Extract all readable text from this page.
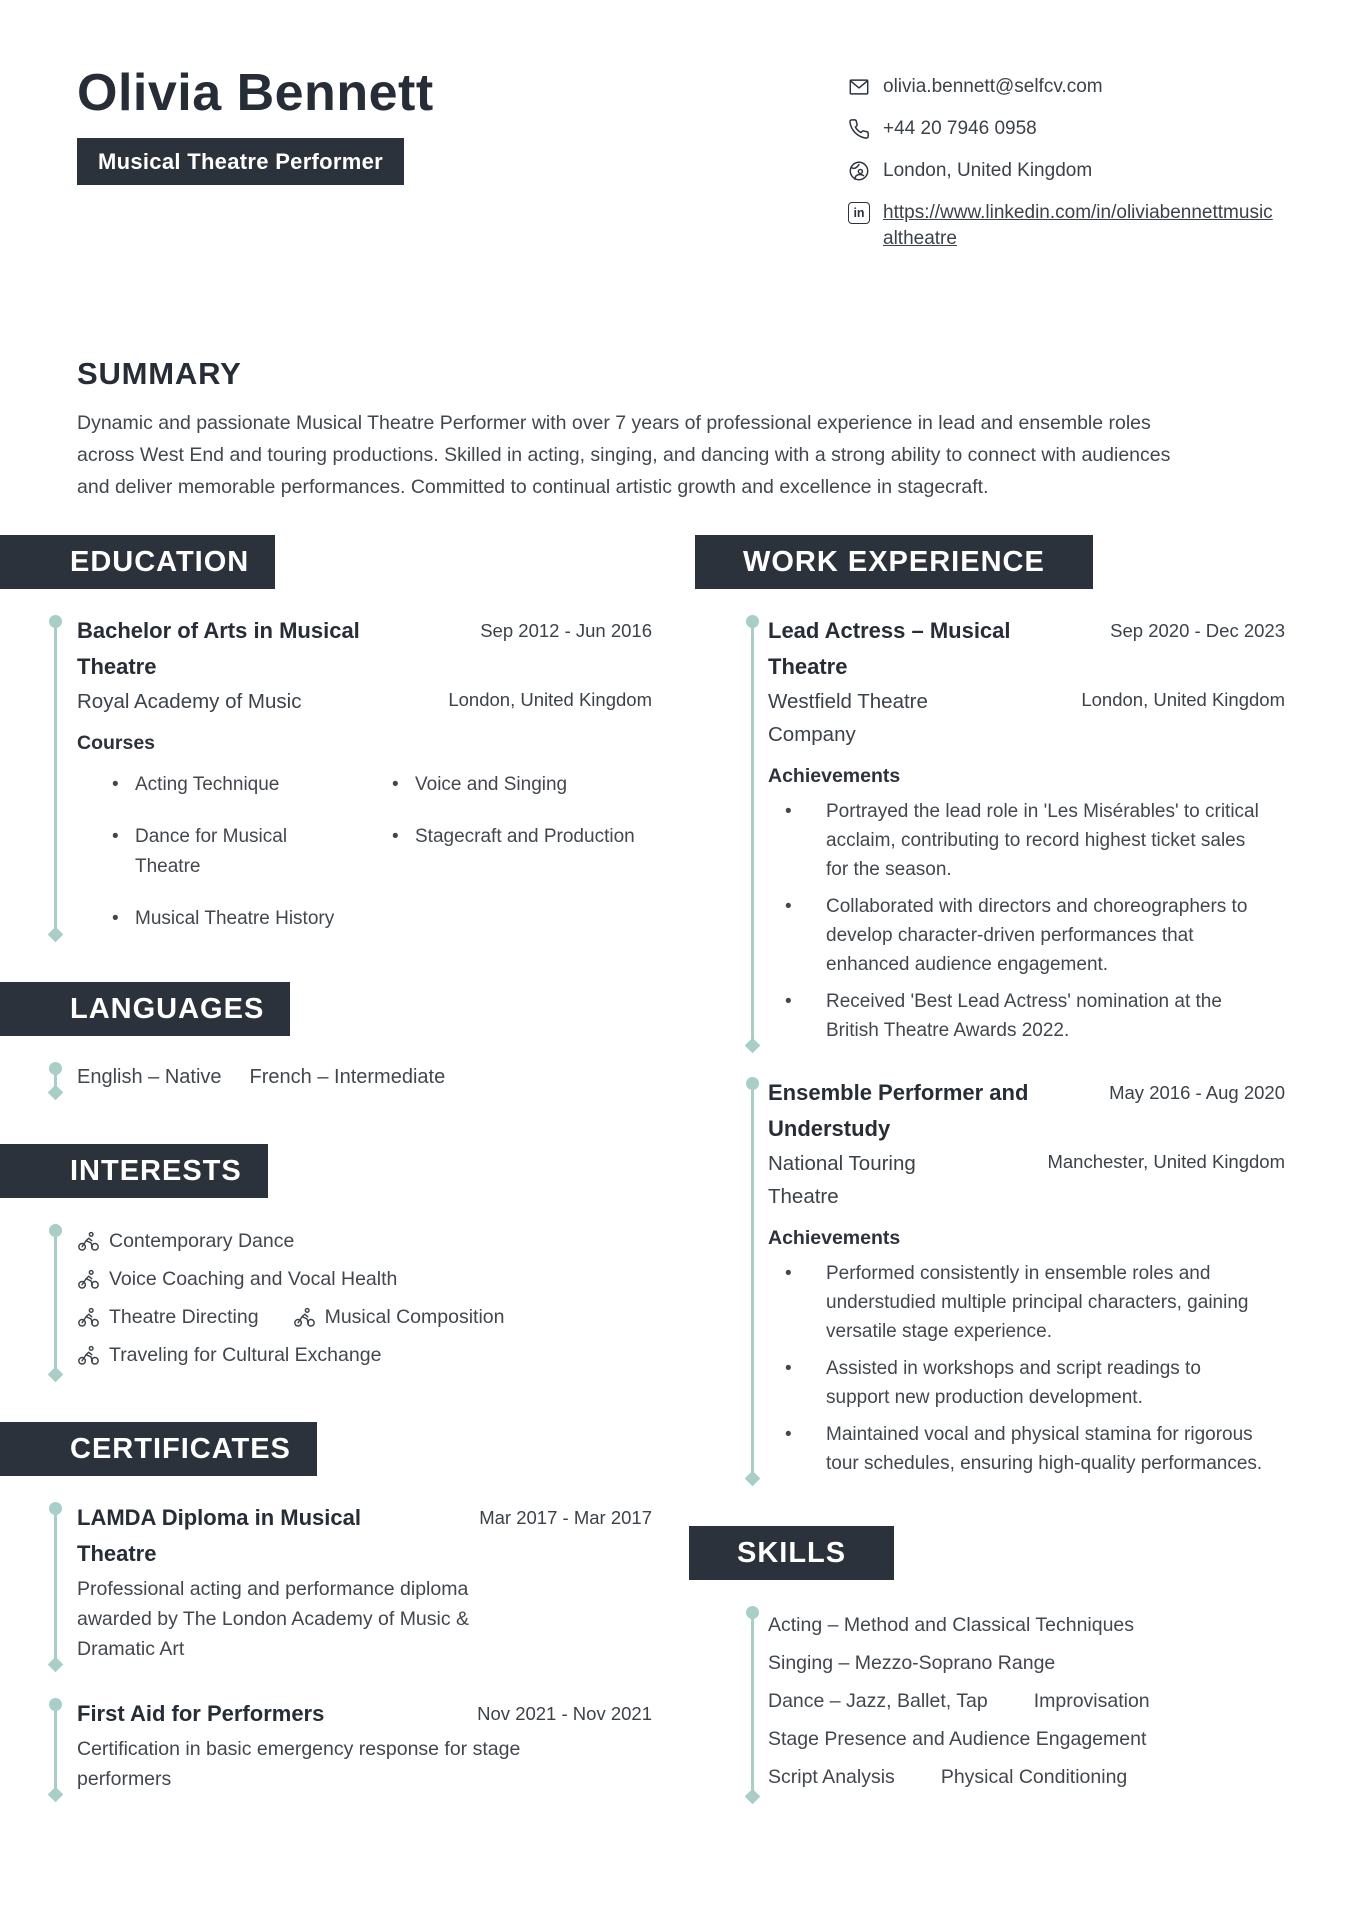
Olivia Bennett
Musical Theatre Performer
olivia.bennett@selfcv.com
+44 20 7946 0958
London, United Kingdom
in https://www.linkedin.com/in/oliviabennettmusicaltheatre
SUMMARY

Dynamic and passionate Musical Theatre Performer with over 7 years of professional experience in lead and ensemble roles across West End and touring productions. Skilled in acting, singing, and dancing with a strong ability to connect with audiences and deliver memorable performances. Committed to continual artistic growth and excellence in stagecraft.

EDUCATION
Bachelor of Arts in Musical Theatre
Sep 2012 - Jun 2016
Royal Academy of Music	London, United Kingdom
Courses
• Acting Technique	• Voice and Singing
• Dance for Musical Theatre
• Stagecraft and Production
• Musical Theatre History
LANGUAGES
English – Native French – Intermediate
INTERESTS
Contemporary Dance
Voice Coaching and Vocal Health
Theatre Directing	Musical Composition
Traveling for Cultural Exchange
CERTIFICATES
LAMDA Diploma in Musical Theatre
Mar 2017 - Mar 2017
Professional acting and performance diploma awarded by The London Academy of Music & Dramatic Art
First Aid for Performers	Nov 2021 - Nov 2021
Certification in basic emergency response for stage performers
WORK EXPERIENCE
Lead Actress – Musical Theatre
Sep 2020 - Dec 2023
Westfield Theatre Company
London, United Kingdom
Achievements
• Portrayed the lead role in 'Les Misérables' to critical acclaim, contributing to record highest ticket sales for the season.
• Collaborated with directors and choreographers to develop character-driven performances that enhanced audience engagement.
• Received 'Best Lead Actress' nomination at the British Theatre Awards 2022.
Ensemble Performer and Understudy
May 2016 - Aug 2020
National Touring Theatre
Manchester, United Kingdom
Achievements
• Performed consistently in ensemble roles and understudied multiple principal characters, gaining versatile stage experience.
• Assisted in workshops and script readings to support new production development.
• Maintained vocal and physical stamina for rigorous tour schedules, ensuring high-quality performances.
SKILLS
Acting – Method and Classical Techniques
Singing – Mezzo-Soprano Range
Dance – Jazz, Ballet, Tap Improvisation
Stage Presence and Audience Engagement
Script Analysis Physical Conditioning
